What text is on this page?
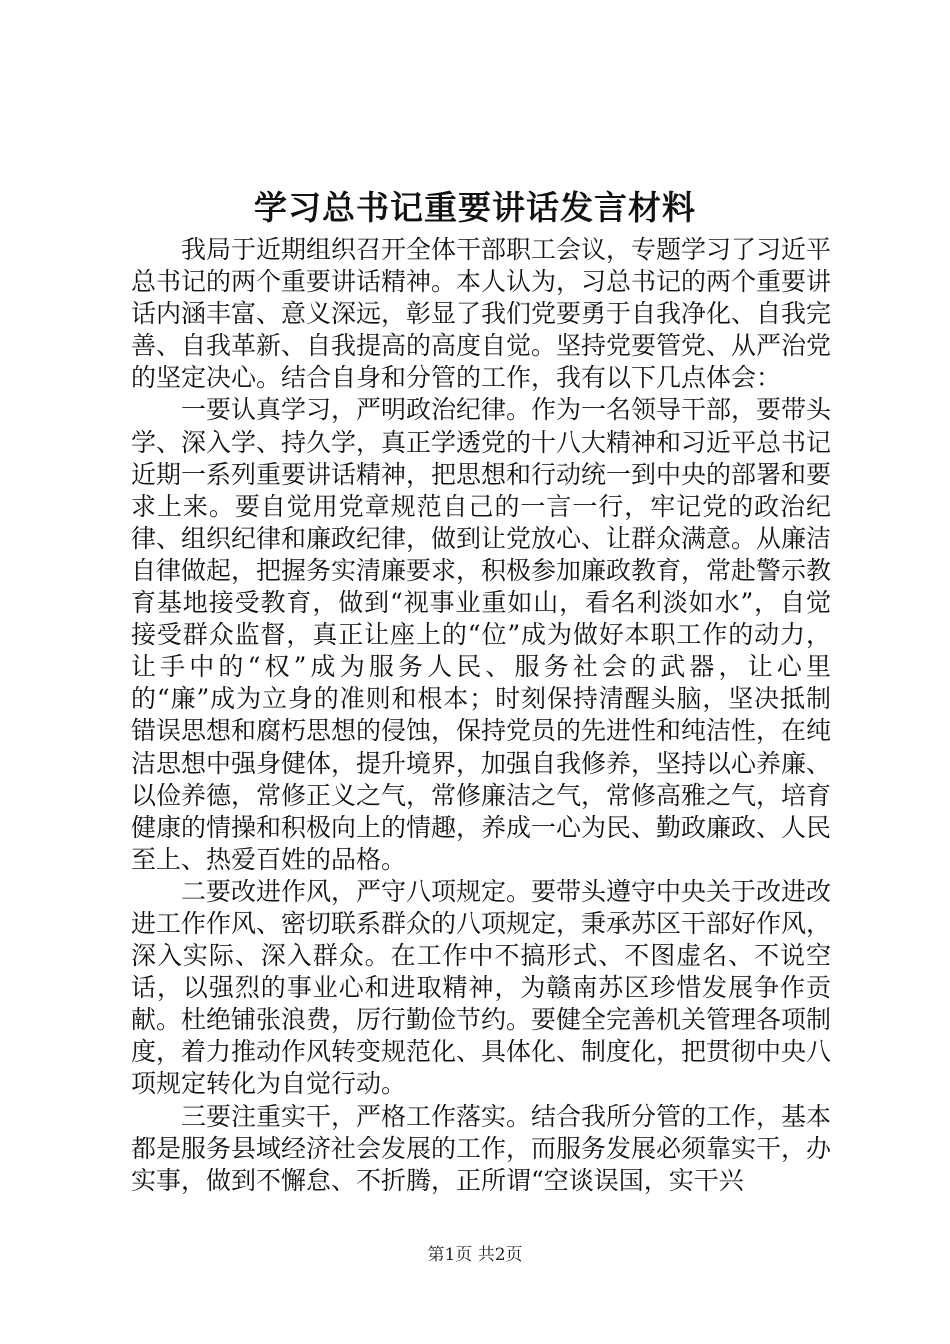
学习总书记重要讲话发言材料

我局于近期组织召开全体干部职工会议，专题学习了习近平总书记的两个重要讲话精神。本人认为，习总书记的两个重要讲话内涵丰富、意义深远，彰显了我们党要勇于自我净化、自我完善、自我革新、自我提高的高度自觉。坚持党要管党、从严治党的坚定决心。结合自身和分管的工作，我有以下几点体会：

一要认真学习，严明政治纪律。作为一名领导干部，要带头学、深入学、持久学，真正学透党的十八大精神和习近平总书记近期一系列重要讲话精神，把思想和行动统一到中央的部署和要求上来。要自觉用党章规范自己的一言一行，牢记党的政治纪律、组织纪律和廉政纪律，做到让党放心、让群众满意。从廉洁自律做起，把握务实清廉要求，积极参加廉政教育，常赴警示教育基地接受教育，做到“视事业重如山，看名利淡如水”，自觉接受群众监督，真正让座上的“位”成为做好本职工作的动力，让手中的“权”成为服务人民、服务社会的武器，让心里的“廉”成为立身的准则和根本；时刻保持清醒头脑，坚决抵制错误思想和腐朽思想的侵蚀，保持党员的先进性和纯洁性，在纯洁思想中强身健体，提升境界，加强自我修养，坚持以心养廉、以俭养德，常修正义之气，常修廉洁之气，常修高雅之气，培育健康的情操和积极向上的情趣，养成一心为民、勤政廉政、人民至上、热爱百姓的品格。

二要改进作风，严守八项规定。要带头遵守中央关于改进改进工作作风、密切联系群众的八项规定，秉承苏区干部好作风，深入实际、深入群众。在工作中不搞形式、不图虚名、不说空话，以强烈的事业心和进取精神，为赣南苏区珍惜发展争作贡献。杜绝铺张浪费，厉行勤俭节约。要健全完善机关管理各项制度，着力推动作风转变规范化、具体化、制度化，把贯彻中央八项规定转化为自觉行动。

三要注重实干，严格工作落实。结合我所分管的工作，基本都是服务县域经济社会发展的工作，而服务发展必须靠实干，办实事，做到不懈怠、不折腾，正所谓“空谈误国，实干兴

第1页 共2页
